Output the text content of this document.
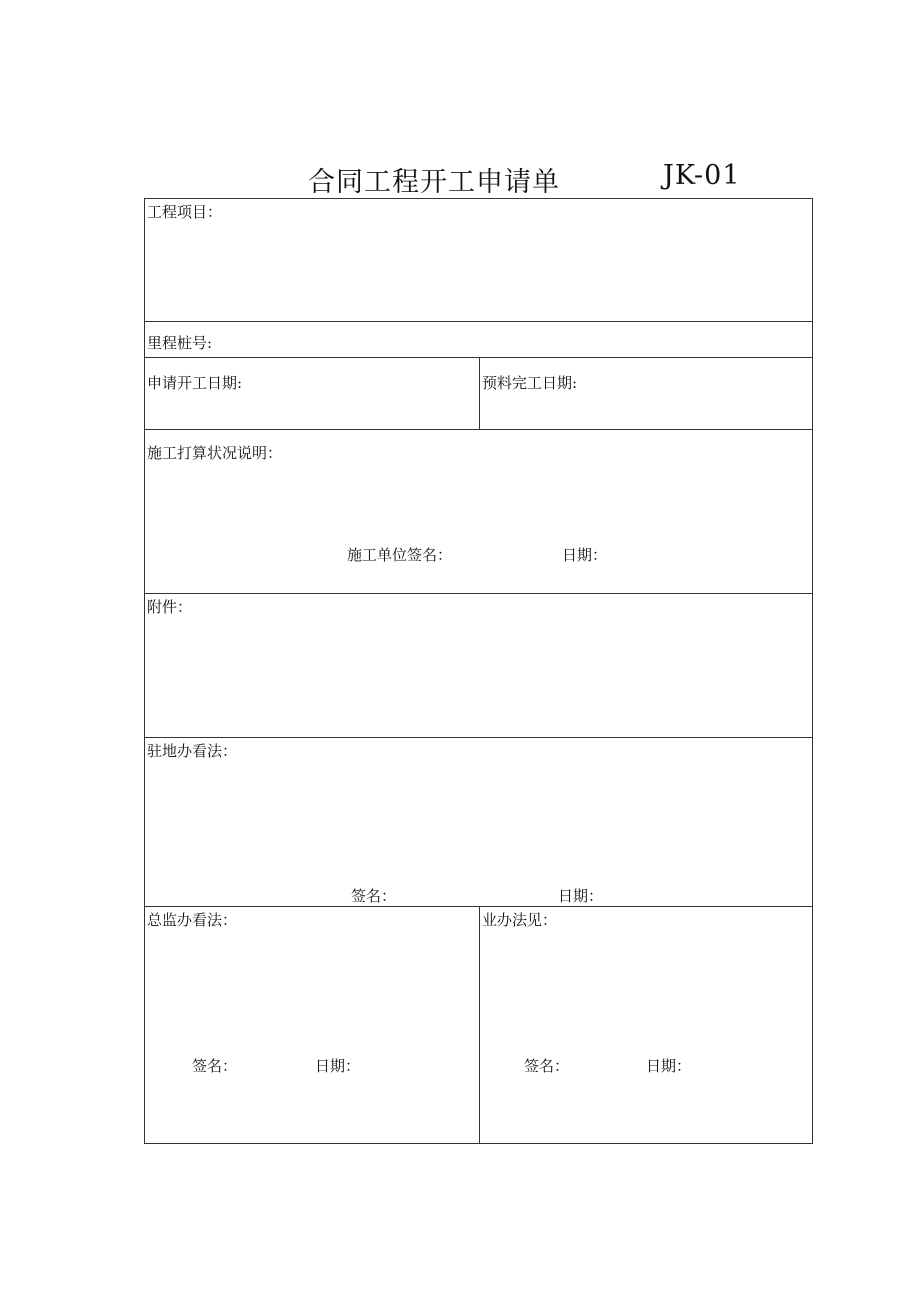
合同工程开工申请单	JK-01
工程项目：
里程桩号:
申请开工日期:	预料完工日期:
施工打算状况说明：
施工单位签名：	日期：
附件：
驻地办看法：
签名：	日期：
总监办看法：
签名：	日期：
业办法见：
签名：	日期：
